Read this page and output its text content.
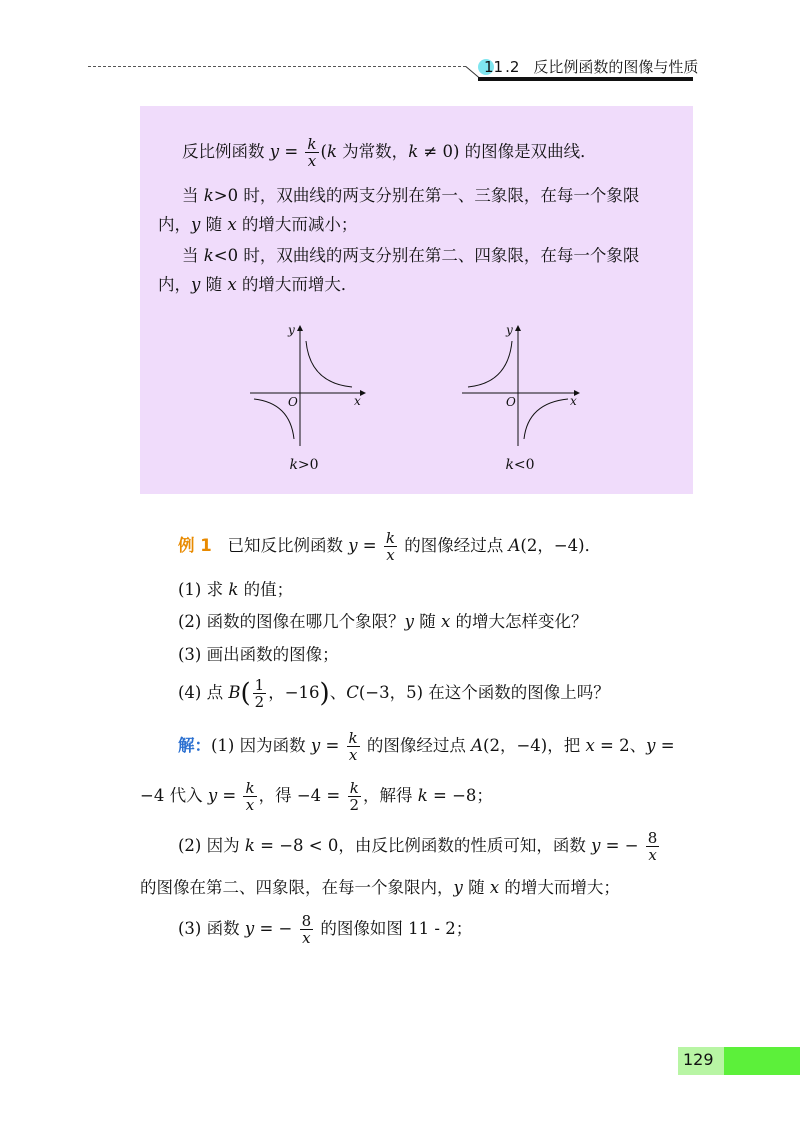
11 .2 反比例函数的图像与性质
反比例函数 $y = \frac{k}{x} (k$ 为常数，k ≠ 0) 的图像是双曲线．
当 k>0 时，双曲线的两支分别在第一、三象限，在每一个象限
内，y 随 x 的增大而减小；
当 k<0 时，双曲线的两支分别在第二、四象限，在每一个象限
内，y 随 x 的增大而增大．
y
x
O
k>0
y
x
O
k<0
例 1 已知反比例函数 $y = \frac{k}{x}$ 的图像经过点 A(2，−4)．
(1) 求 k 的值；
(2) 函数的图像在哪几个象限？y 随 x 的增大怎样变化？
(3) 画出函数的图像；
(4) 点 $B( \frac{1}{2}$ ，−16)、C(−3，5) 在这个函数的图像上吗？
解：(1) 因为函数 $y = \frac{k}{x}$ 的图像经过点 A(2，−4)，把 x = 2、y =
−4 代入 $y = \frac{k}{x}$ ，得 $-4 = \frac{k}{2}$ ，解得 k = −8；
(2) 因为 k = −8 < 0，由反比例函数的性质可知，函数 y = − $\frac{8}{x}$
的图像在第二、四象限，在每一个象限内，y 随 x 的增大而增大；
(3) 函数 y = − $\frac{8}{x}$ 的图像如图 11 - 2；
129
